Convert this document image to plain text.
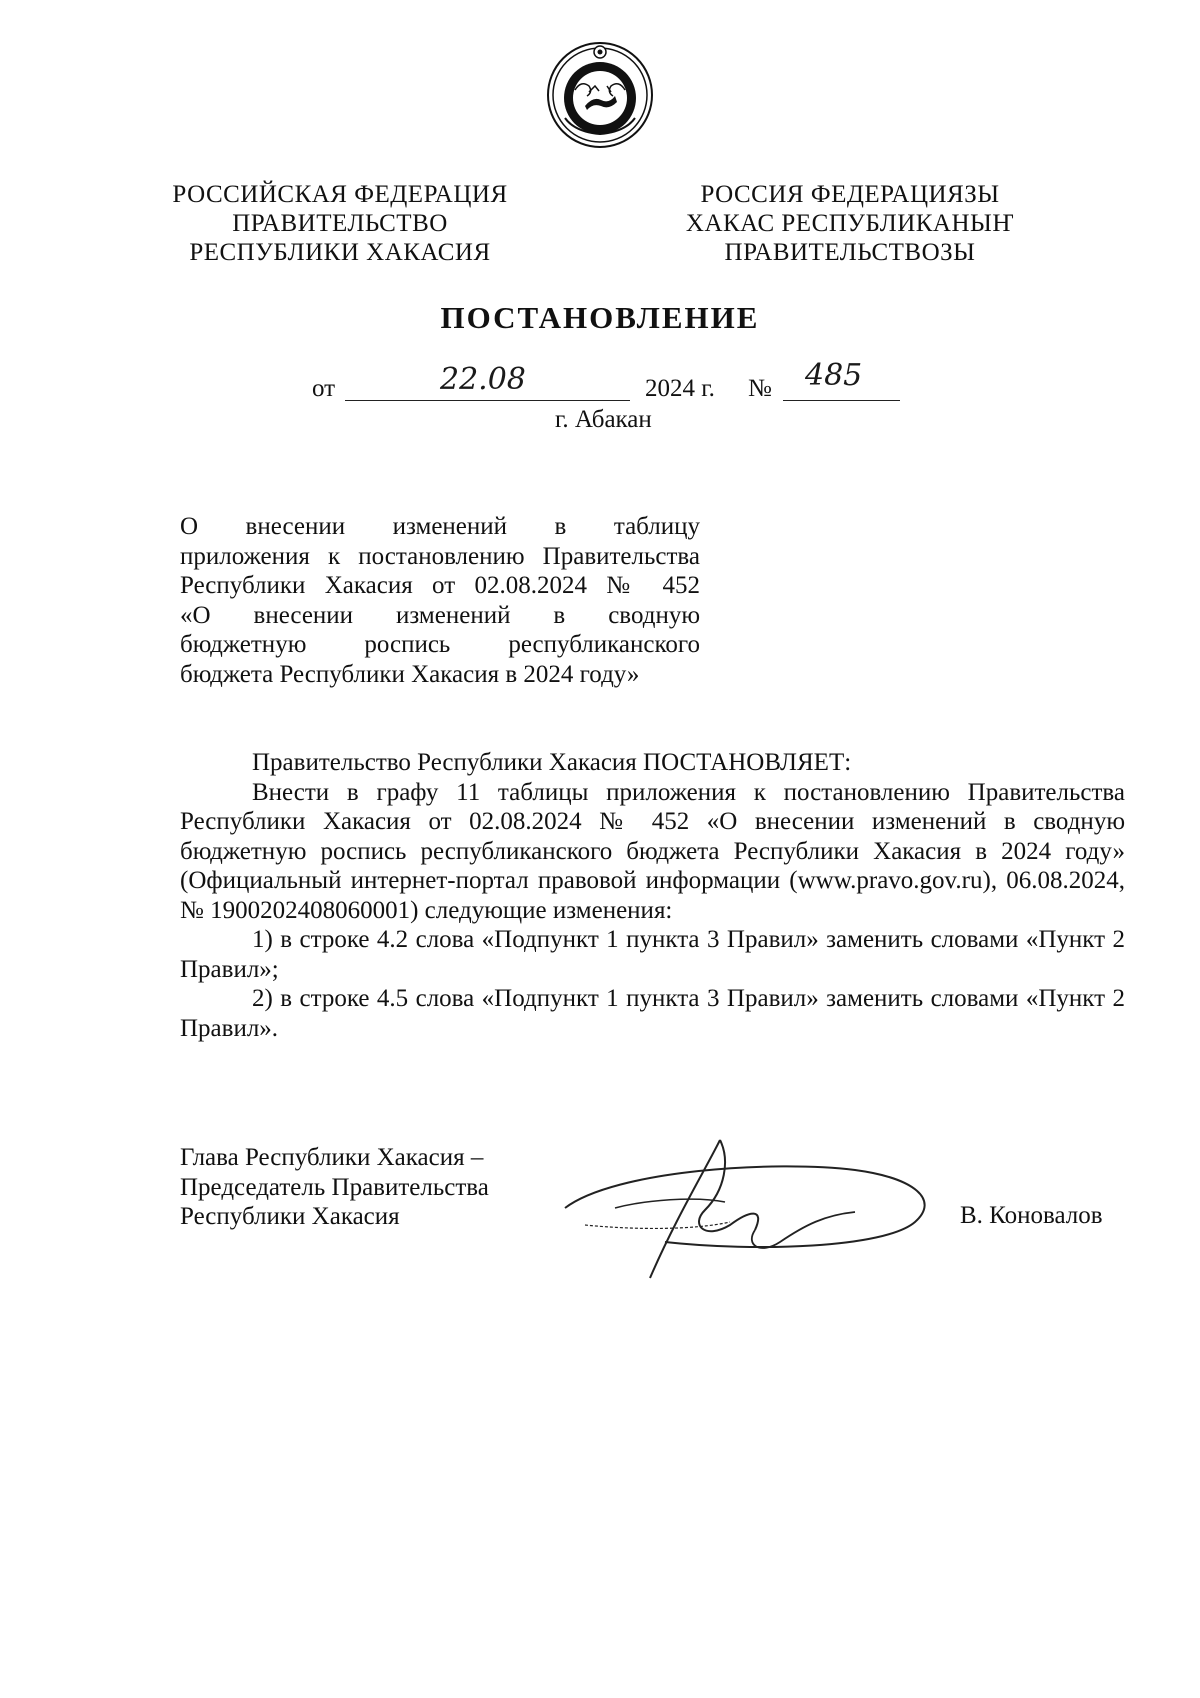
РОССИЙСКАЯ ФЕДЕРАЦИЯ
ПРАВИТЕЛЬСТВО
РЕСПУБЛИКИ ХАКАСИЯ
РОССИЯ ФЕДЕРАЦИЯЗЫ
ХАКАС РЕСПУБЛИКАНЫҤ
ПРАВИТЕЛЬСТВОЗЫ
ПОСТАНОВЛЕНИЕ
от	22.08	2024 г. № 485
г. Абакан
О внесении изменений в таблицу
приложения к постановлению Правительства
Республики Хакасия от 02.08.2024 № 452
«О внесении изменений в сводную
бюджетную роспись республиканского
бюджета Республики Хакасия в 2024 году»

Правительство Республики Хакасия ПОСТАНОВЛЯЕТ:

Внести в графу 11 таблицы приложения к постановлению Правительства Республики Хакасия от 02.08.2024 № 452 «О внесении изменений в сводную бюджетную роспись республиканского бюджета Республики Хакасия в 2024 году» (Официальный интернет-портал правовой информации (www.pravo.gov.ru), 06.08.2024, № 1900202408060001) следующие изменения:

1) в строке 4.2 слова «Подпункт 1 пункта 3 Правил» заменить словами «Пункт 2 Правил»;

2) в строке 4.5 слова «Подпункт 1 пункта 3 Правил» заменить словами «Пункт 2 Правил».

Глава Республики Хакасия –
Председатель Правительства
Республики Хакасия	В. Коновалов
